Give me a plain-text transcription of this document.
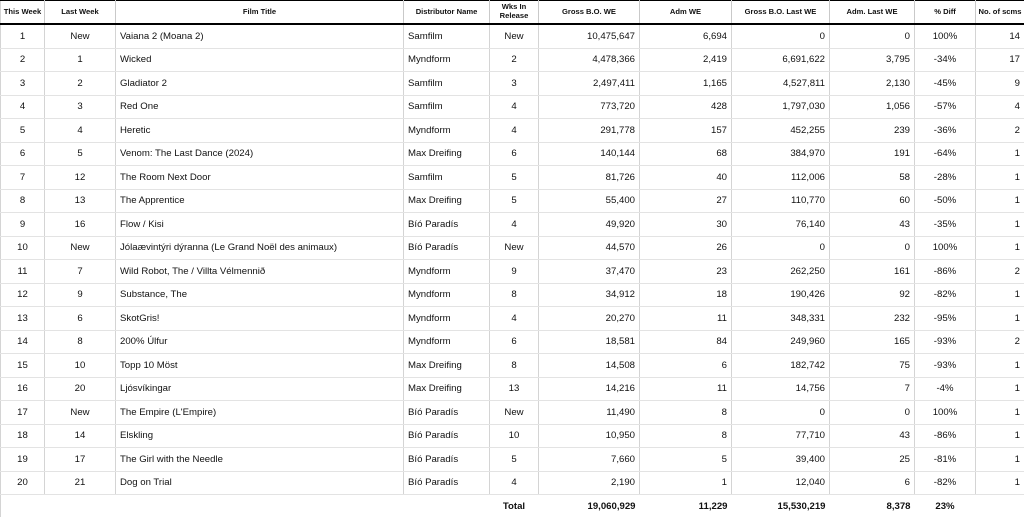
This Week	Last Week	Film Title	Distributor Name	Wks In Release	Gross B.O. WE	Adm WE	Gross B.O. Last WE	Adm. Last WE	% Diff	No. of scms
1	New	Vaiana 2 (Moana 2)	Samfilm	New	10,475,647	6,694	0	0	100%	14
2	1	Wicked	Myndform	2	4,478,366	2,419	6,691,622	3,795	-34%	17
3	2	Gladiator 2	Samfilm	3	2,497,411	1,165	4,527,811	2,130	-45%	9
4	3	Red One	Samfilm	4	773,720	428	1,797,030	1,056	-57%	4
5	4	Heretic	Myndform	4	291,778	157	452,255	239	-36%	2
6	5	Venom: The Last Dance (2024)	Max Dreifing	6	140,144	68	384,970	191	-64%	1
7	12	The Room Next Door	Samfilm	5	81,726	40	112,006	58	-28%	1
8	13	The Apprentice	Max Dreifing	5	55,400	27	110,770	60	-50%	1
9	16	Flow / Kisi	Bíó Paradís	4	49,920	30	76,140	43	-35%	1
10	New	Jólaævintýri dýranna (Le Grand Noël des animaux)	Bíó Paradís	New	44,570	26	0	0	100%	1
11	7	Wild Robot, The / Villta Vélmennið	Myndform	9	37,470	23	262,250	161	-86%	2
12	9	Substance, The	Myndform	8	34,912	18	190,426	92	-82%	1
13	6	SkotGris!	Myndform	4	20,270	11	348,331	232	-95%	1
14	8	200% Úlfur	Myndform	6	18,581	84	249,960	165	-93%	2
15	10	Topp 10 Möst	Max Dreifing	8	14,508	6	182,742	75	-93%	1
16	20	Ljósvíkingar	Max Dreifing	13	14,216	11	14,756	7	-4%	1
17	New	The Empire (L'Empire)	Bíó Paradís	New	11,490	8	0	0	100%	1
18	14	Elskling	Bíó Paradís	10	10,950	8	77,710	43	-86%	1
19	17	The Girl with the Needle	Bíó Paradís	5	7,660	5	39,400	25	-81%	1
20	21	Dog on Trial	Bíó Paradís	4	2,190	1	12,040	6	-82%	1
				Total	19,060,929	11,229	15,530,219	8,378	23%	
